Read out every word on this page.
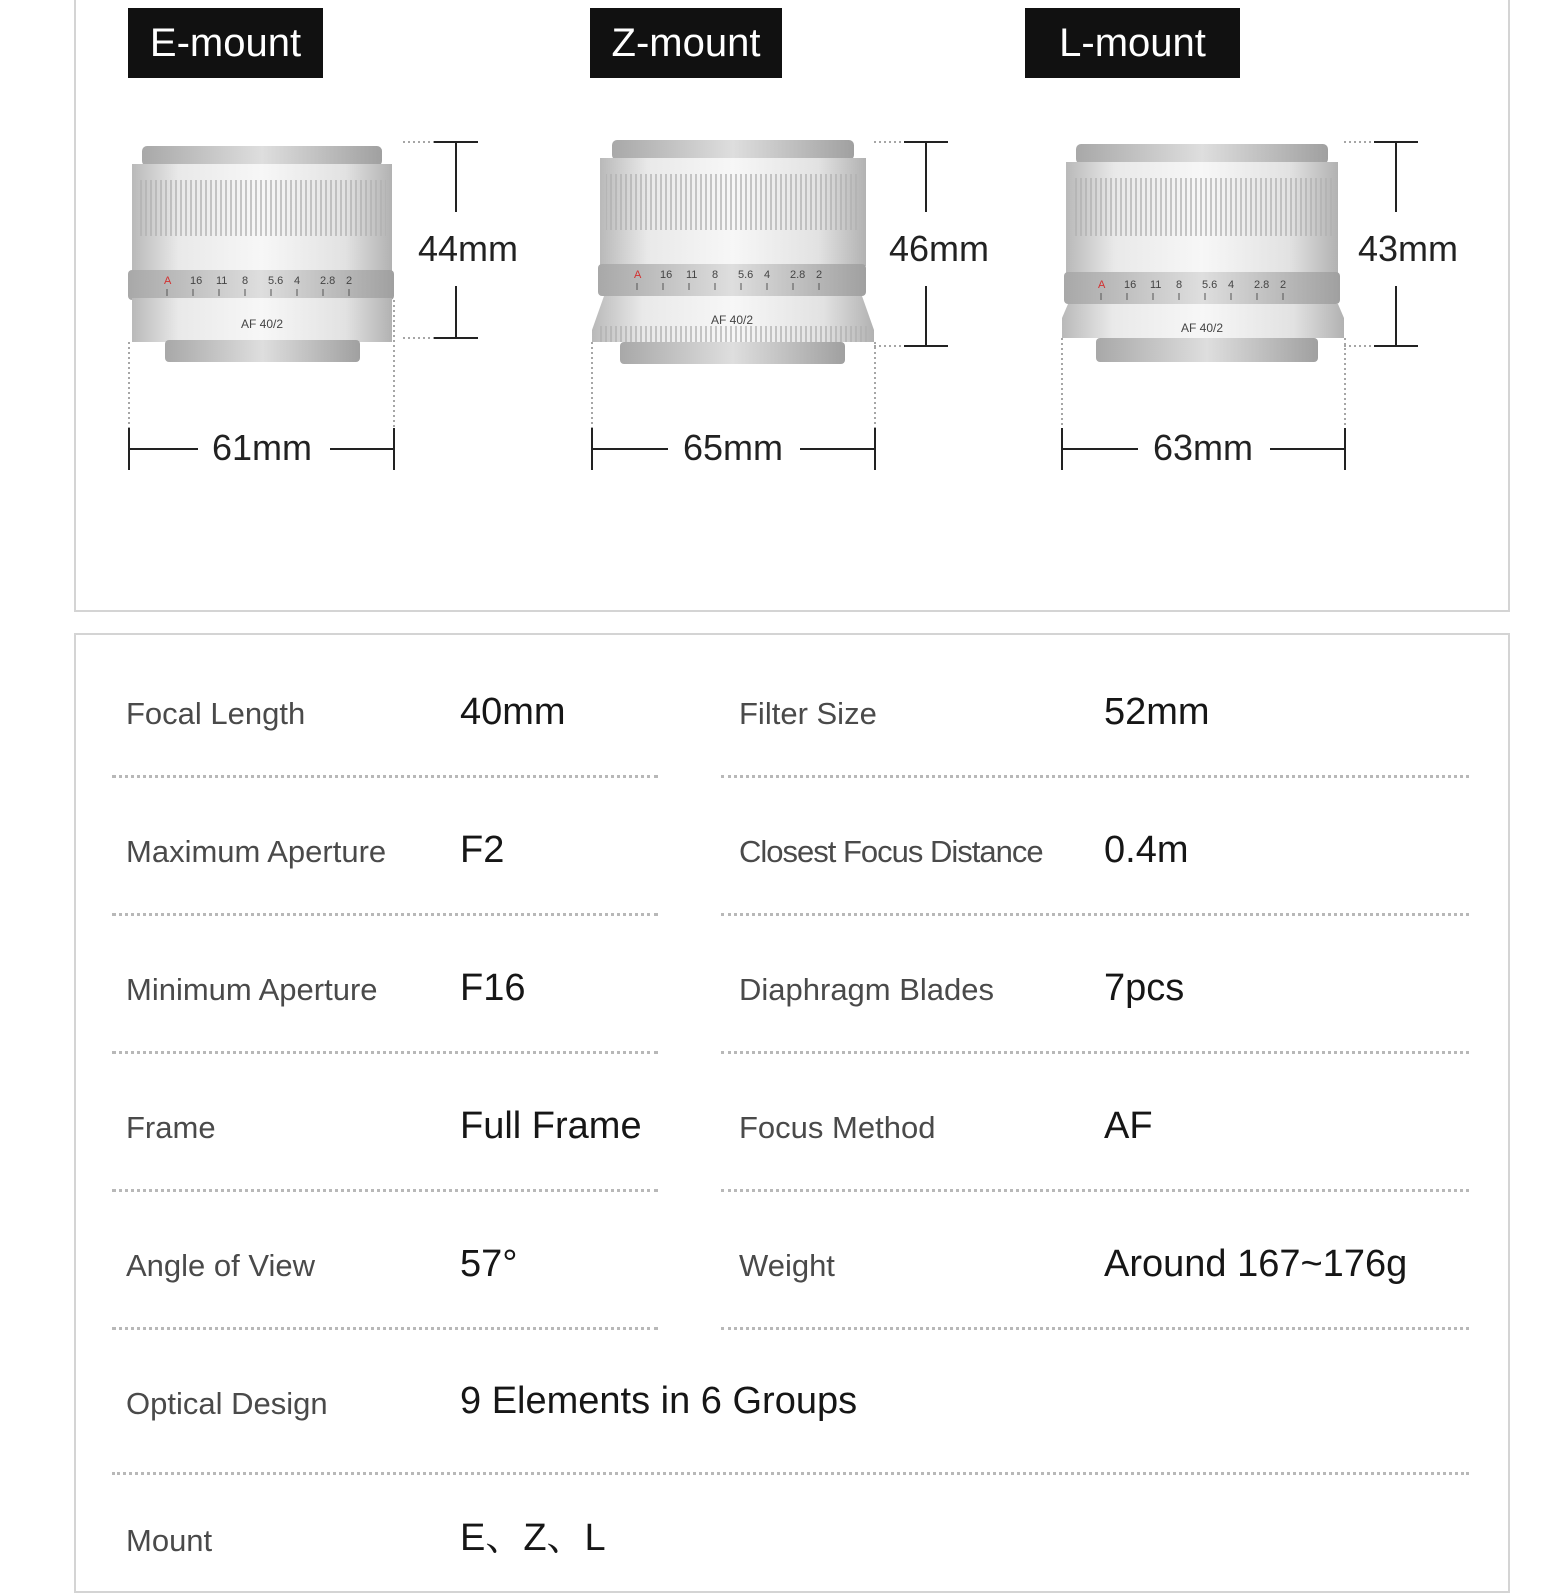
E-mount	Z-mount	L-mount
A 16 11 8 5.6 4 2.8 2
AF 40/2
A 16 11 8 5.6 4 2.8 2
AF 40/2
A 16 11 8 5.6 4 2.8 2
AF 40/2
44mm
61mm
46mm
65mm
43mm
63mm
Focal Length	40mm	Filter Size	52mm
Maximum Aperture F2	Closest Focus Distance 0.4m
Minimum Aperture F16	Diaphragm Blades	7pcs
Frame	Full Frame	Focus Method	AF
Angle of View	57°	Weight	Around 167~176g
Optical Design	9 Elements in 6 Groups
Mount	E、Z、L
